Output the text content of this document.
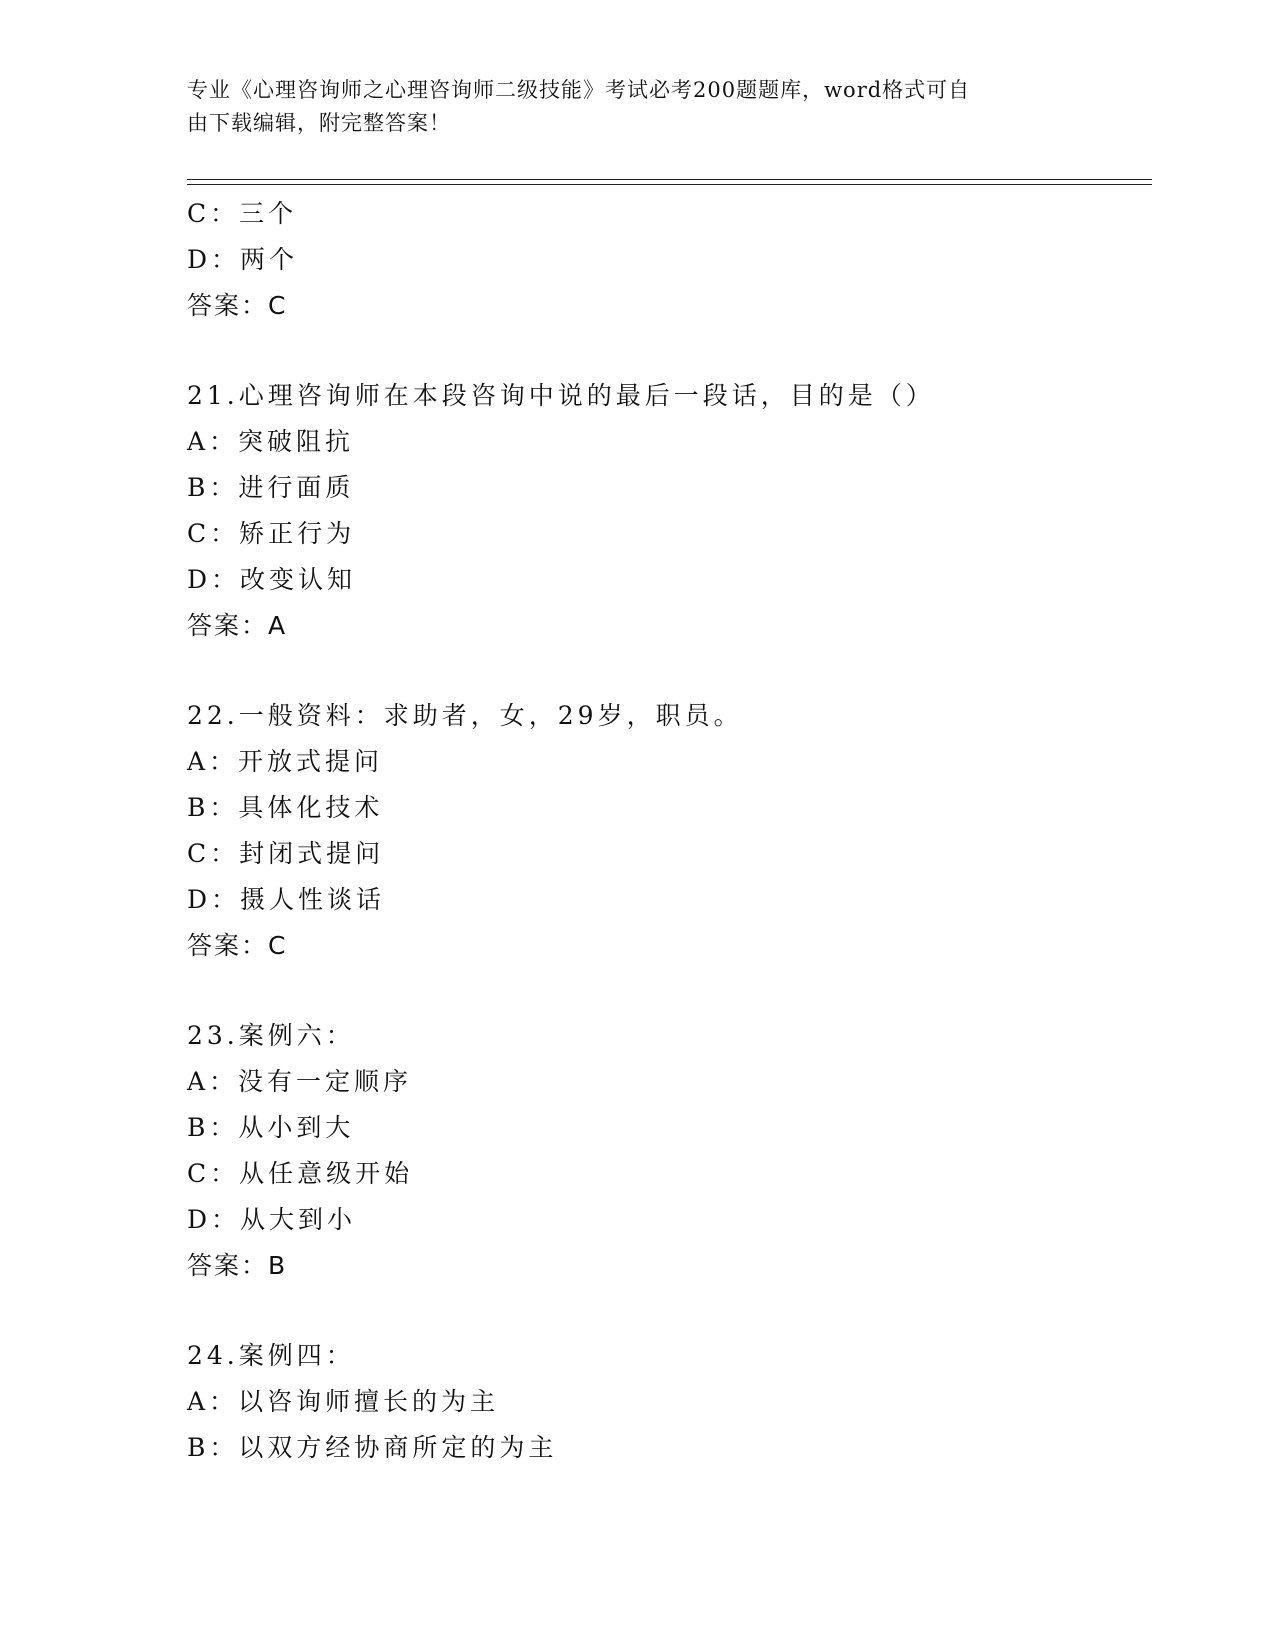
专业《心理咨询师之心理咨询师二级技能》考试必考200题题库，word格式可自
由下载编辑，附完整答案！
C：三个
D：两个
答案：C
21.心理咨询师在本段咨询中说的最后一段话，目的是（）
A：突破阻抗
B：进行面质
C：矫正行为
D：改变认知
答案：A
22.一般资料：求助者，女，29岁，职员。
A：开放式提问
B：具体化技术
C：封闭式提问
D：摄人性谈话
答案：C
23.案例六：
A：没有一定顺序
B：从小到大
C：从任意级开始
D：从大到小
答案：B
24.案例四：
A：以咨询师擅长的为主
B：以双方经协商所定的为主
